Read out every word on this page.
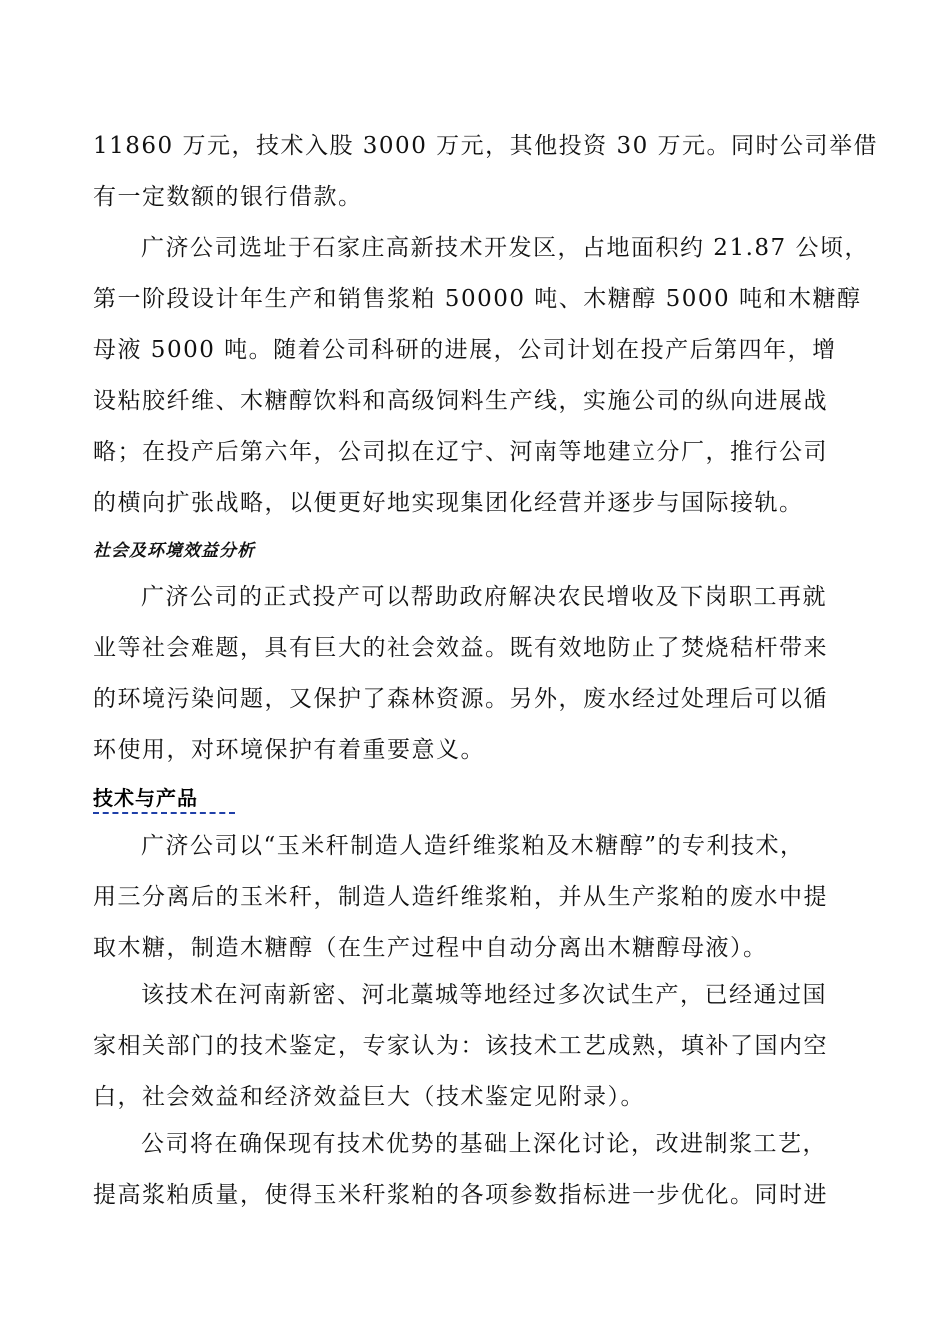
11860 万元，技术入股 3000 万元，其他投资 30 万元。同时公司举借
有一定数额的银行借款。
广济公司选址于石家庄高新技术开发区，占地面积约 21.87 公顷，
第一阶段设计年生产和销售浆粕 50000 吨、木糖醇 5000 吨和木糖醇
母液 5000 吨。随着公司科研的进展，公司计划在投产后第四年，增
设粘胶纤维、木糖醇饮料和高级饲料生产线，实施公司的纵向进展战
略；在投产后第六年，公司拟在辽宁、河南等地建立分厂，推行公司
的横向扩张战略，以便更好地实现集团化经营并逐步与国际接轨。
社会及环境效益分析
广济公司的正式投产可以帮助政府解决农民增收及下岗职工再就
业等社会难题，具有巨大的社会效益。既有效地防止了焚烧秸杆带来
的环境污染问题，又保护了森林资源。另外，废水经过处理后可以循
环使用，对环境保护有着重要意义。
技术与产品
广济公司以“玉米秆制造人造纤维浆粕及木糖醇”的专利技术，
用三分离后的玉米秆，制造人造纤维浆粕，并从生产浆粕的废水中提
取木糖，制造木糖醇（在生产过程中自动分离出木糖醇母液）。
该技术在河南新密、河北藁城等地经过多次试生产，已经通过国
家相关部门的技术鉴定，专家认为：该技术工艺成熟，填补了国内空
白，社会效益和经济效益巨大（技术鉴定见附录）。
公司将在确保现有技术优势的基础上深化讨论，改进制浆工艺，
提高浆粕质量，使得玉米秆浆粕的各项参数指标进一步优化。同时进
